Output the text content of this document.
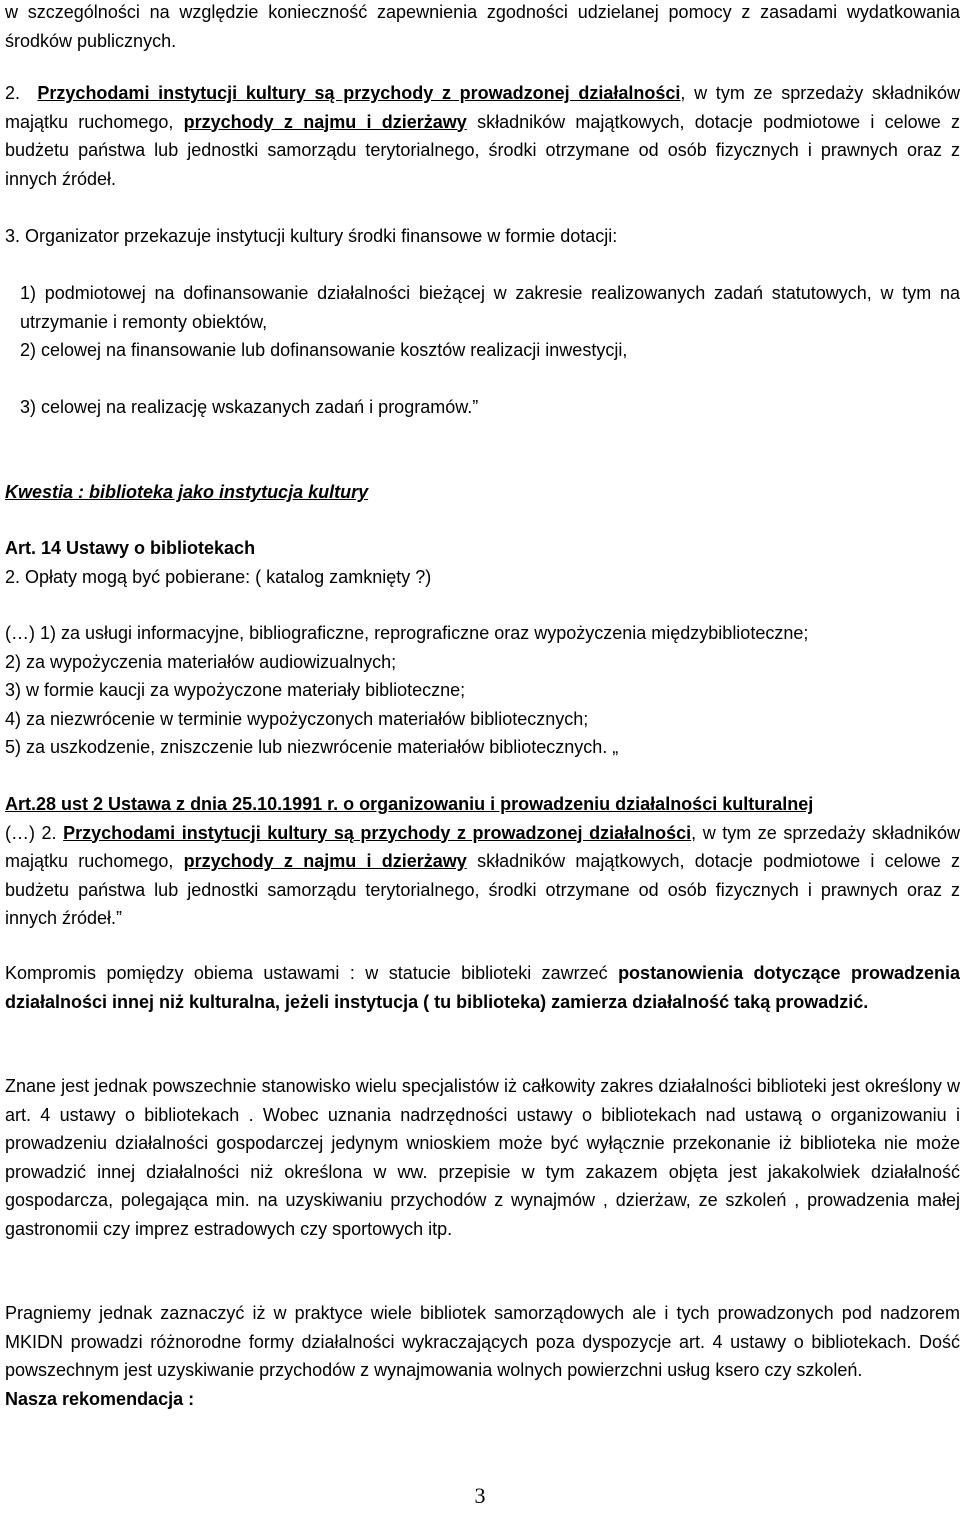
w szczególności na względzie konieczność zapewnienia zgodności udzielanej pomocy z zasadami wydatkowania środków publicznych.

2. Przychodami instytucji kultury są przychody z prowadzonej działalności, w tym ze sprzedaży składników majątku ruchomego, przychody z najmu i dzierżawy składników majątkowych, dotacje podmiotowe i celowe z budżetu państwa lub jednostki samorządu terytorialnego, środki otrzymane od osób fizycznych i prawnych oraz z innych źródeł.

3. Organizator przekazuje instytucji kultury środki finansowe w formie dotacji:

1) podmiotowej na dofinansowanie działalności bieżącej w zakresie realizowanych zadań statutowych, w tym na utrzymanie i remonty obiektów,

2) celowej na finansowanie lub dofinansowanie kosztów realizacji inwestycji,

3) celowej na realizację wskazanych zadań i programów.”

Kwestia : biblioteka jako instytucja kultury

Art. 14 Ustawy o bibliotekach

2. Opłaty mogą być pobierane: ( katalog zamknięty ?)

(…) 1) za usługi informacyjne, bibliograficzne, reprograficzne oraz wypożyczenia międzybiblioteczne;

2) za wypożyczenia materiałów audiowizualnych;

3) w formie kaucji za wypożyczone materiały biblioteczne;

4) za niezwrócenie w terminie wypożyczonych materiałów bibliotecznych;

5) za uszkodzenie, zniszczenie lub niezwrócenie materiałów bibliotecznych. „

Art.28 ust 2 Ustawa z dnia 25.10.1991 r. o organizowaniu i prowadzeniu działalności kulturalnej

(…) 2. Przychodami instytucji kultury są przychody z prowadzonej działalności, w tym ze sprzedaży składników majątku ruchomego, przychody z najmu i dzierżawy składników majątkowych, dotacje podmiotowe i celowe z budżetu państwa lub jednostki samorządu terytorialnego, środki otrzymane od osób fizycznych i prawnych oraz z innych źródeł.”

Kompromis pomiędzy obiema ustawami : w statucie biblioteki zawrzeć postanowienia dotyczące prowadzenia działalności innej niż kulturalna, jeżeli instytucja ( tu biblioteka) zamierza działalność taką prowadzić.

Znane jest jednak powszechnie stanowisko wielu specjalistów iż całkowity zakres działalności biblioteki jest określony w art. 4 ustawy o bibliotekach . Wobec uznania nadrzędności ustawy o bibliotekach nad ustawą o organizowaniu i prowadzeniu działalności gospodarczej jedynym wnioskiem może być wyłącznie przekonanie iż biblioteka nie może prowadzić innej działalności niż określona w ww. przepisie w tym zakazem objęta jest jakakolwiek działalność gospodarcza, polegająca min. na uzyskiwaniu przychodów z wynajmów , dzierżaw, ze szkoleń , prowadzenia małej gastronomii czy imprez estradowych czy sportowych itp.

Pragniemy jednak zaznaczyć iż w praktyce wiele bibliotek samorządowych ale i tych prowadzonych pod nadzorem MKIDN prowadzi różnorodne formy działalności wykraczających poza dyspozycje art. 4 ustawy o bibliotekach. Dość powszechnym jest uzyskiwanie przychodów z wynajmowania wolnych powierzchni usług ksero czy szkoleń.

Nasza rekomendacja :

3
